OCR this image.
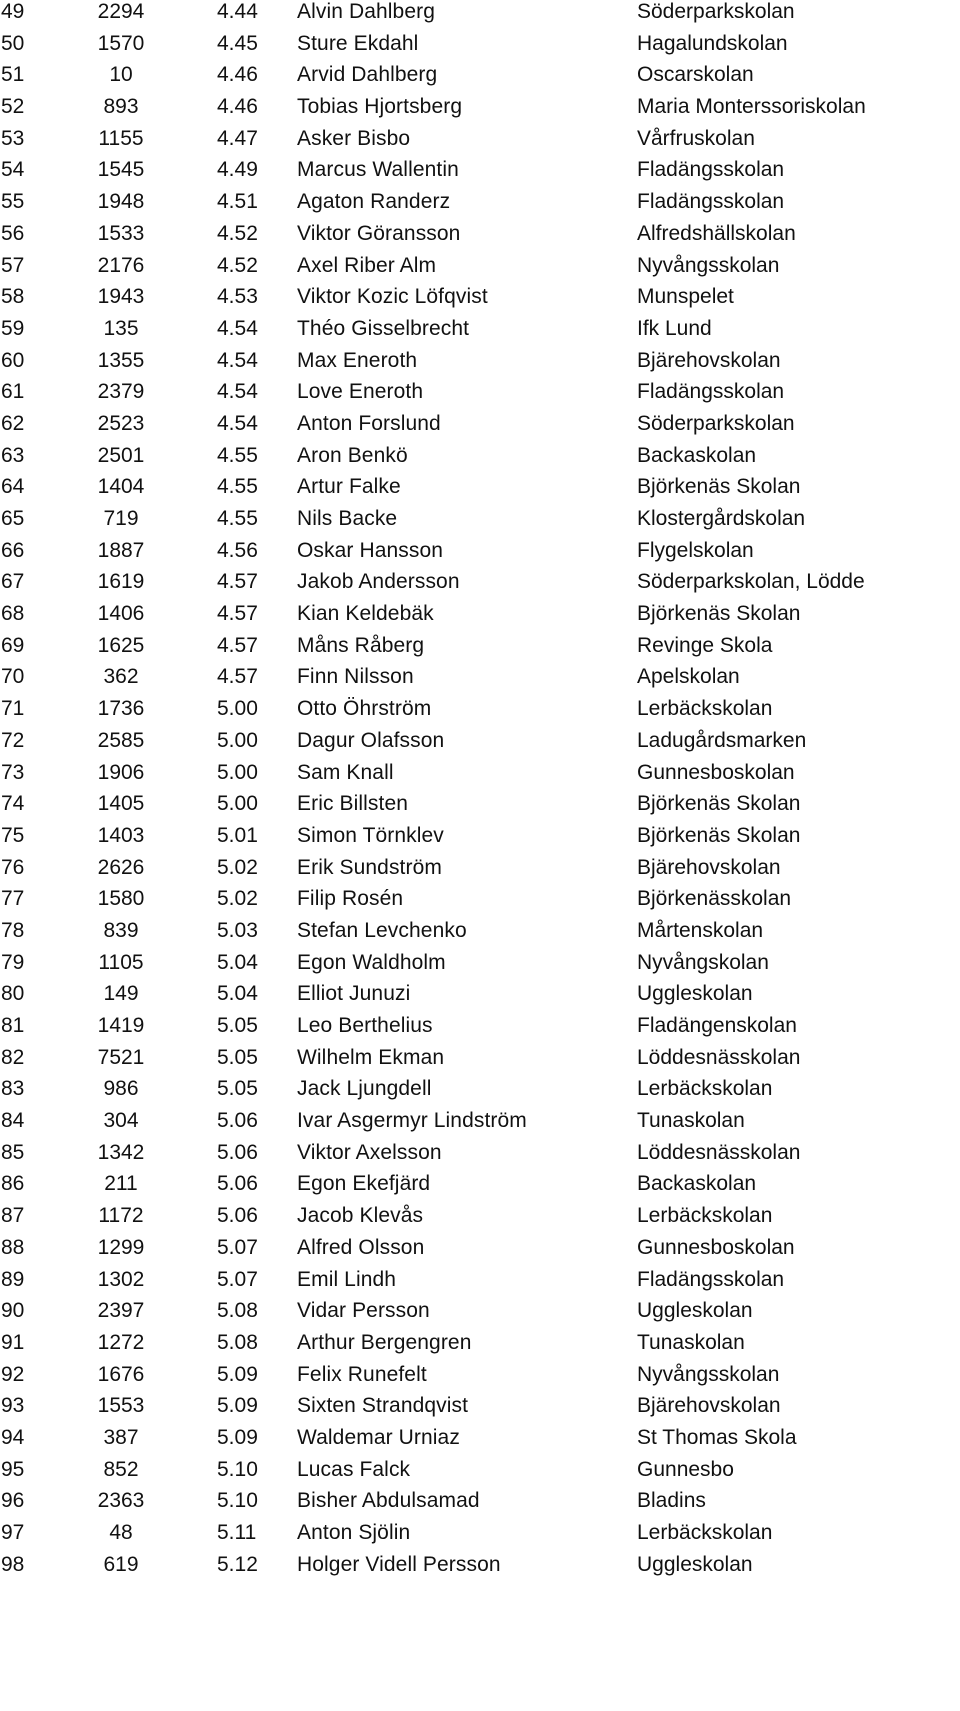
49	2294	4.44	Alvin Dahlberg	Söderparkskolan
50	1570	4.45	Sture Ekdahl	Hagalundskolan
51	10	4.46	Arvid Dahlberg	Oscarskolan
52	893	4.46	Tobias Hjortsberg	Maria Monterssoriskolan
53	1155	4.47	Asker Bisbo	Vårfruskolan
54	1545	4.49	Marcus Wallentin	Fladängsskolan
55	1948	4.51	Agaton Randerz	Fladängsskolan
56	1533	4.52	Viktor Göransson	Alfredshällskolan
57	2176	4.52	Axel Riber Alm	Nyvångsskolan
58	1943	4.53	Viktor Kozic Löfqvist	Munspelet
59	135	4.54	Théo Gisselbrecht	Ifk Lund
60	1355	4.54	Max Eneroth	Bjärehovskolan
61	2379	4.54	Love Eneroth	Fladängsskolan
62	2523	4.54	Anton Forslund	Söderparkskolan
63	2501	4.55	Aron Benkö	Backaskolan
64	1404	4.55	Artur Falke	Björkenäs Skolan
65	719	4.55	Nils Backe	Klostergårdskolan
66	1887	4.56	Oskar Hansson	Flygelskolan
67	1619	4.57	Jakob Andersson	Söderparkskolan, Lödde
68	1406	4.57	Kian Keldebäk	Björkenäs Skolan
69	1625	4.57	Måns Råberg	Revinge Skola
70	362	4.57	Finn Nilsson	Apelskolan
71	1736	5.00	Otto Öhrström	Lerbäckskolan
72	2585	5.00	Dagur Olafsson	Ladugårdsmarken
73	1906	5.00	Sam Knall	Gunnesboskolan
74	1405	5.00	Eric Billsten	Björkenäs Skolan
75	1403	5.01	Simon Törnklev	Björkenäs Skolan
76	2626	5.02	Erik Sundström	Bjärehovskolan
77	1580	5.02	Filip Rosén	Björkenässkolan
78	839	5.03	Stefan Levchenko	Mårtenskolan
79	1105	5.04	Egon Waldholm	Nyvångskolan
80	149	5.04	Elliot Junuzi	Uggleskolan
81	1419	5.05	Leo Berthelius	Fladängenskolan
82	7521	5.05	Wilhelm Ekman	Löddesnässkolan
83	986	5.05	Jack Ljungdell	Lerbäckskolan
84	304	5.06	Ivar Asgermyr Lindström	Tunaskolan
85	1342	5.06	Viktor Axelsson	Löddesnässkolan
86	211	5.06	Egon Ekefjärd	Backaskolan
87	1172	5.06	Jacob Klevås	Lerbäckskolan
88	1299	5.07	Alfred Olsson	Gunnesboskolan
89	1302	5.07	Emil Lindh	Fladängsskolan
90	2397	5.08	Vidar Persson	Uggleskolan
91	1272	5.08	Arthur Bergengren	Tunaskolan
92	1676	5.09	Felix Runefelt	Nyvångsskolan
93	1553	5.09	Sixten Strandqvist	Bjärehovskolan
94	387	5.09	Waldemar Urniaz	St Thomas Skola
95	852	5.10	Lucas Falck	Gunnesbo
96	2363	5.10	Bisher Abdulsamad	Bladins
97	48	5.11	Anton Sjölin	Lerbäckskolan
98	619	5.12	Holger Videll Persson	Uggleskolan
